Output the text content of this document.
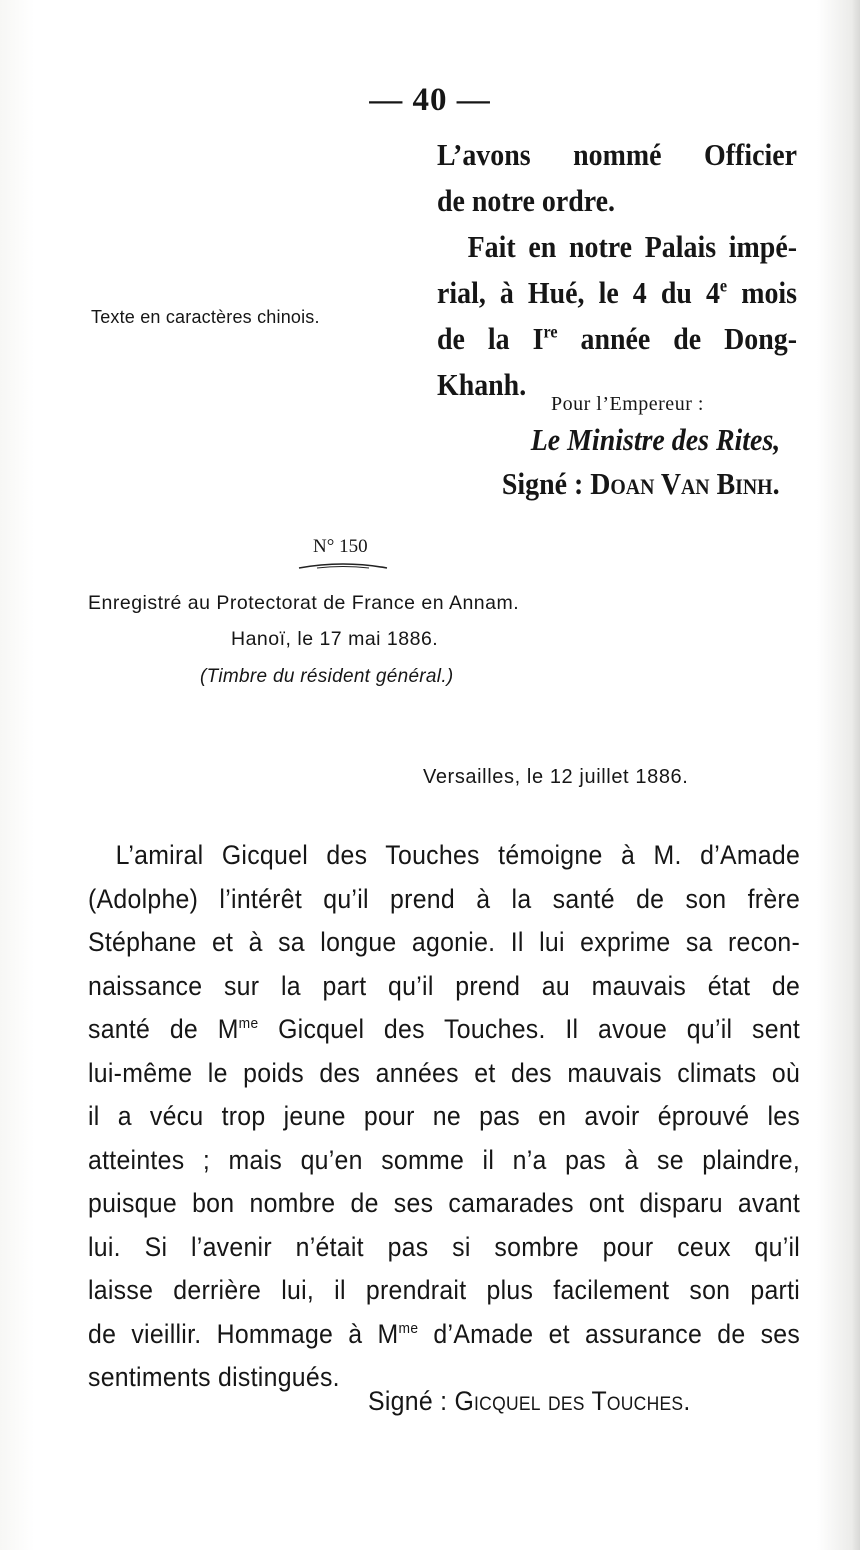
— 40 —
L’avons nommé Officier
de notre ordre.
Fait en notre Palais impé-
rial, à Hué, le 4 du 4e mois
de la Ire année de Dong-
Khanh.
Texte en caractères chinois.
Pour l’Empereur :
Le Ministre des Rites,
Signé : Doan Van Binh.
N° 150
Enregistré au Protectorat de France en Annam.
Hanoï, le 17 mai 1886.
(Timbre du résident général.)
Versailles, le 12 juillet 1886.
L’amiral Gicquel des Touches témoigne à M. d’Amade
(Adolphe) l’intérêt qu’il prend à la santé de son frère
Stéphane et à sa longue agonie. Il lui exprime sa recon-
naissance sur la part qu’il prend au mauvais état de
santé de $M^{me}$ Gicquel des Touches. Il avoue qu’il sent
lui-même le poids des années et des mauvais climats où
il a vécu trop jeune pour ne pas en avoir éprouvé les
atteintes ; mais qu’en somme il n’a pas à se plaindre,
puisque bon nombre de ses camarades ont disparu avant
lui. Si l’avenir n’était pas si sombre pour ceux qu’il
laisse derrière lui, il prendrait plus facilement son parti
de vieillir. Hommage à $M^{me}$ d’Amade et assurance de ses
sentiments distingués.
Signé : Gicquel des Touches.
